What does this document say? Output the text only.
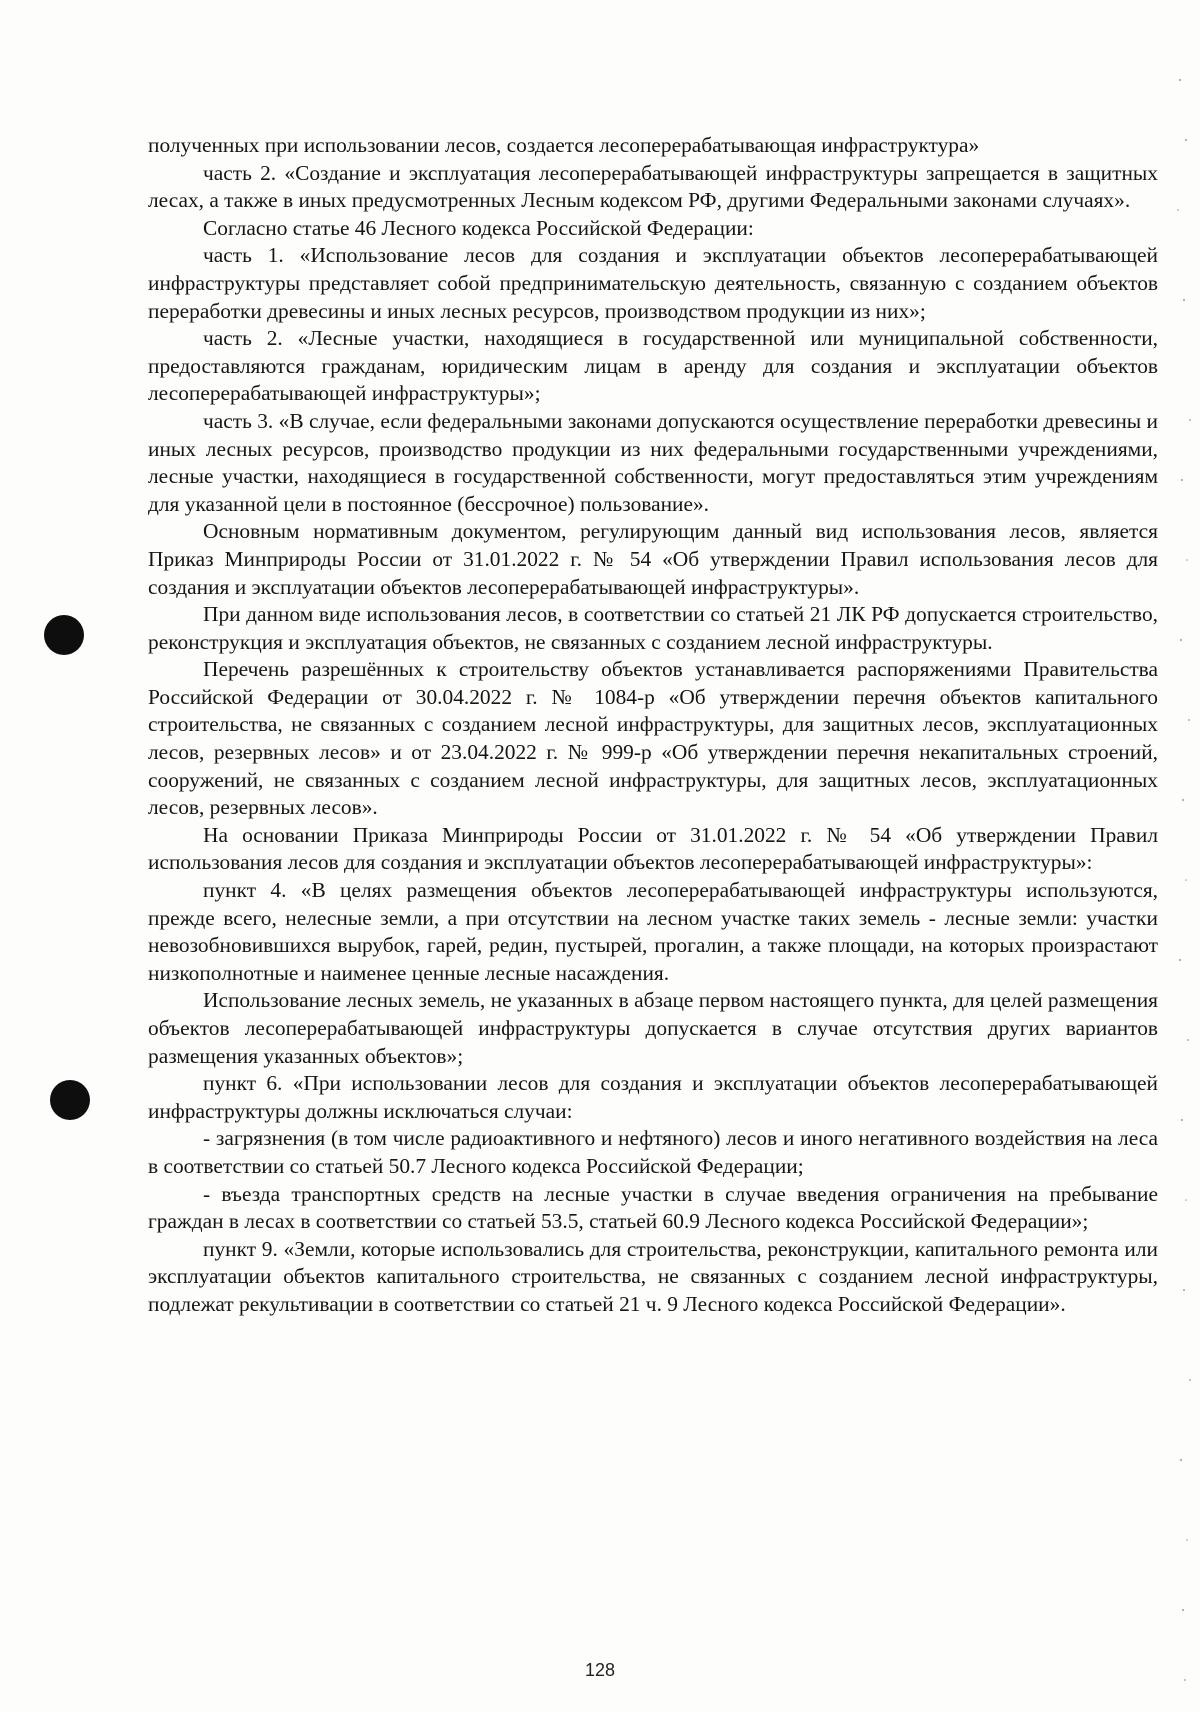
полученных при использовании лесов, создается лесоперерабатывающая инфраструктура»

часть 2. «Создание и эксплуатация лесоперерабатывающей инфраструктуры запрещается в защитных лесах, а также в иных предусмотренных Лесным кодексом РФ, другими Федеральными законами случаях».

Согласно статье 46 Лесного кодекса Российской Федерации:

часть 1. «Использование лесов для создания и эксплуатации объектов лесоперерабатывающей инфраструктуры представляет собой предпринимательскую деятельность, связанную с созданием объектов переработки древесины и иных лесных ресурсов, производством продукции из них»;

часть 2. «Лесные участки, находящиеся в государственной или муниципальной собственности, предоставляются гражданам, юридическим лицам в аренду для создания и эксплуатации объектов лесоперерабатывающей инфраструктуры»;

часть 3. «В случае, если федеральными законами допускаются осуществление переработки древесины и иных лесных ресурсов, производство продукции из них федеральными государственными учреждениями, лесные участки, находящиеся в государственной собственности, могут предоставляться этим учреждениям для указанной цели в постоянное (бессрочное) пользование».

Основным нормативным документом, регулирующим данный вид использования лесов, является Приказ Минприроды России от 31.01.2022 г. № 54 «Об утверждении Правил использования лесов для создания и эксплуатации объектов лесоперерабатывающей инфраструктуры».

При данном виде использования лесов, в соответствии со статьей 21 ЛК РФ допускается строительство, реконструкция и эксплуатация объектов, не связанных с созданием лесной инфраструктуры.

Перечень разрешённых к строительству объектов устанавливается распоряжениями Правительства Российской Федерации от 30.04.2022 г. № 1084-р «Об утверждении перечня объектов капитального строительства, не связанных с созданием лесной инфраструктуры, для защитных лесов, эксплуатационных лесов, резервных лесов» и от 23.04.2022 г. № 999-р «Об утверждении перечня некапитальных строений, сооружений, не связанных с созданием лесной инфраструктуры, для защитных лесов, эксплуатационных лесов, резервных лесов».

На основании Приказа Минприроды России от 31.01.2022 г. № 54 «Об утверждении Правил использования лесов для создания и эксплуатации объектов лесоперерабатывающей инфраструктуры»:

пункт 4. «В целях размещения объектов лесоперерабатывающей инфраструктуры используются, прежде всего, нелесные земли, а при отсутствии на лесном участке таких земель - лесные земли: участки невозобновившихся вырубок, гарей, редин, пустырей, прогалин, а также площади, на которых произрастают низкополнотные и наименее ценные лесные насаждения.

Использование лесных земель, не указанных в абзаце первом настоящего пункта, для целей размещения объектов лесоперерабатывающей инфраструктуры допускается в случае отсутствия других вариантов размещения указанных объектов»;

пункт 6. «При использовании лесов для создания и эксплуатации объектов лесоперерабатывающей инфраструктуры должны исключаться случаи:

- загрязнения (в том числе радиоактивного и нефтяного) лесов и иного негативного воздействия на леса в соответствии со статьей 50.7 Лесного кодекса Российской Федерации;

- въезда транспортных средств на лесные участки в случае введения ограничения на пребывание граждан в лесах в соответствии со статьей 53.5, статьей 60.9 Лесного кодекса Российской Федерации»;

пункт 9. «Земли, которые использовались для строительства, реконструкции, капитального ремонта или эксплуатации объектов капитального строительства, не связанных с созданием лесной инфраструктуры, подлежат рекультивации в соответствии со статьей 21 ч. 9 Лесного кодекса Российской Федерации».

128
